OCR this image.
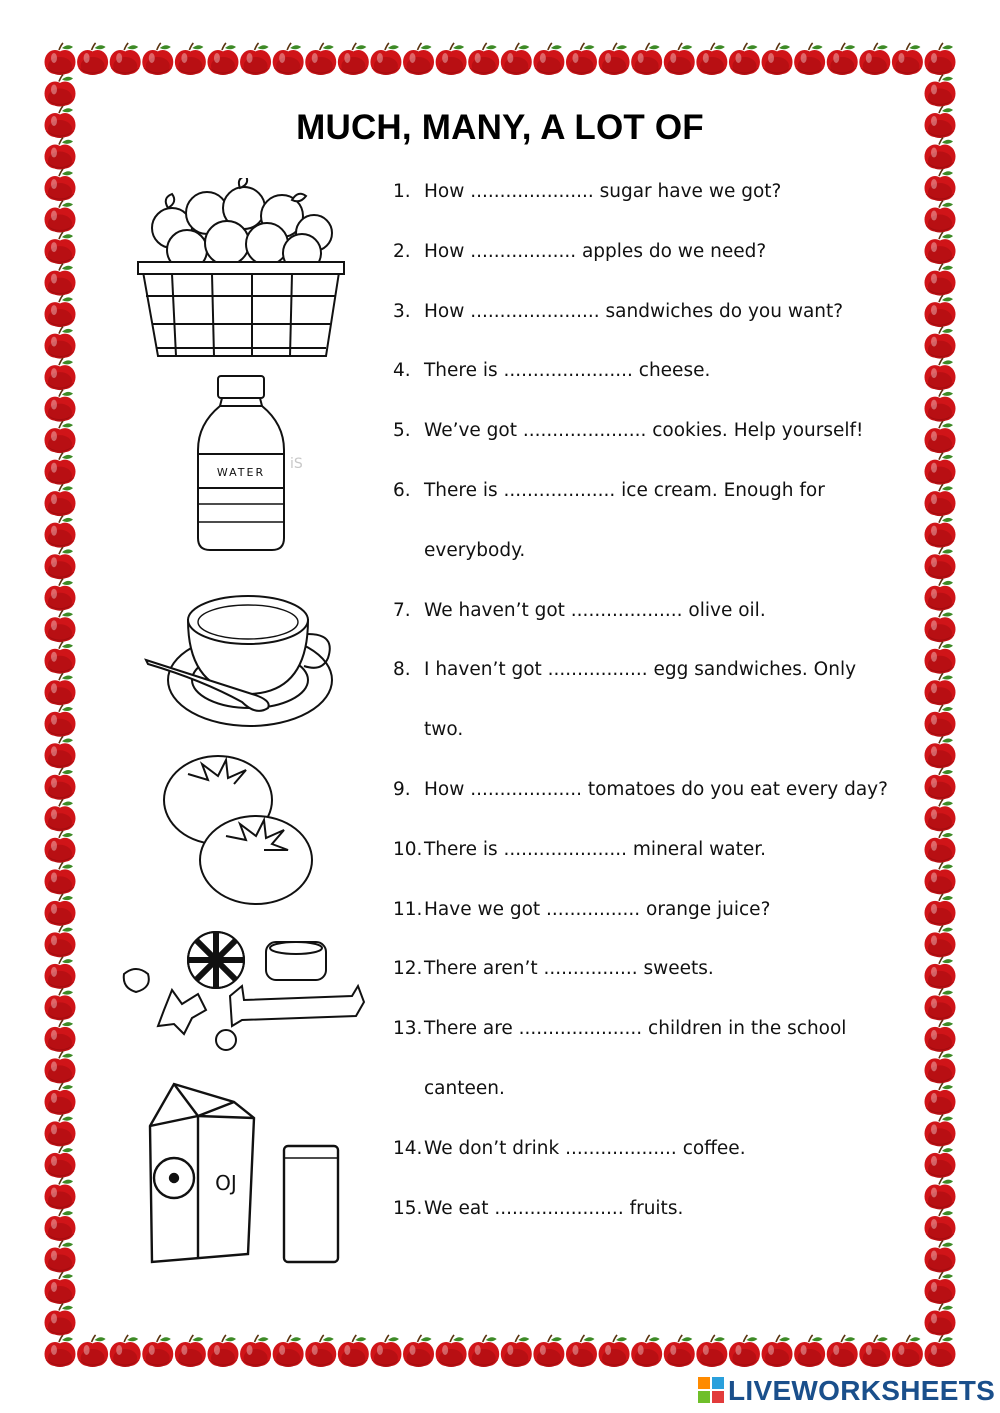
MUCH, MANY, A LOT OF
1. How ..................... sugar have we got?
2. How .................. apples do we need?
3. How ...................... sandwiches do you want?
4. There is ...................... cheese.
5. We’ve got ..................... cookies. Help yourself!
6. There is ................... ice cream. Enough for
everybody.
7. We haven’t got ................... olive oil.
8. I haven’t got ................. egg sandwiches. Only
two.
9. How ................... tomatoes do you eat every day?
10.There is ..................... mineral water.
11.Have we got ................ orange juice?
12.There aren’t ................ sweets.
13.There are ..................... children in the school
canteen.
14.We don’t drink ................... coffee.
15.We eat ...................... fruits.
WATER
iS
OJ
LIVEWORKSHEETS
